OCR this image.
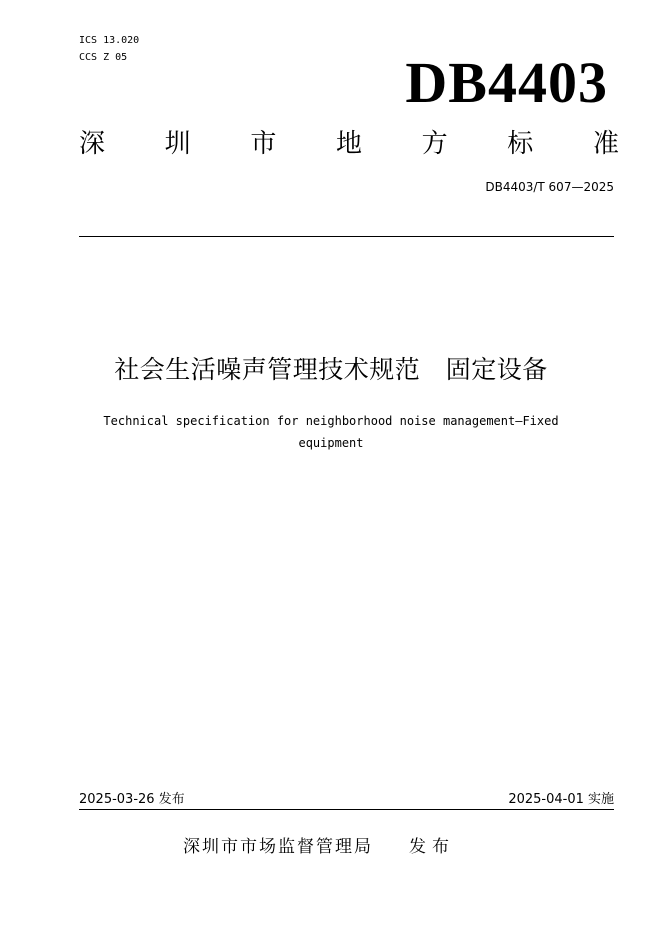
ICS 13.020
CCS Z 05	DB4403
深 圳 市 地 方 标 准
DB4403/T 607—2025
社会生活噪声管理技术规范　固定设备
Technical specification for neighborhood noise management—Fixed equipment
2025-03-26 发布	2025-04-01 实施
深圳市市场监督管理局 发布
